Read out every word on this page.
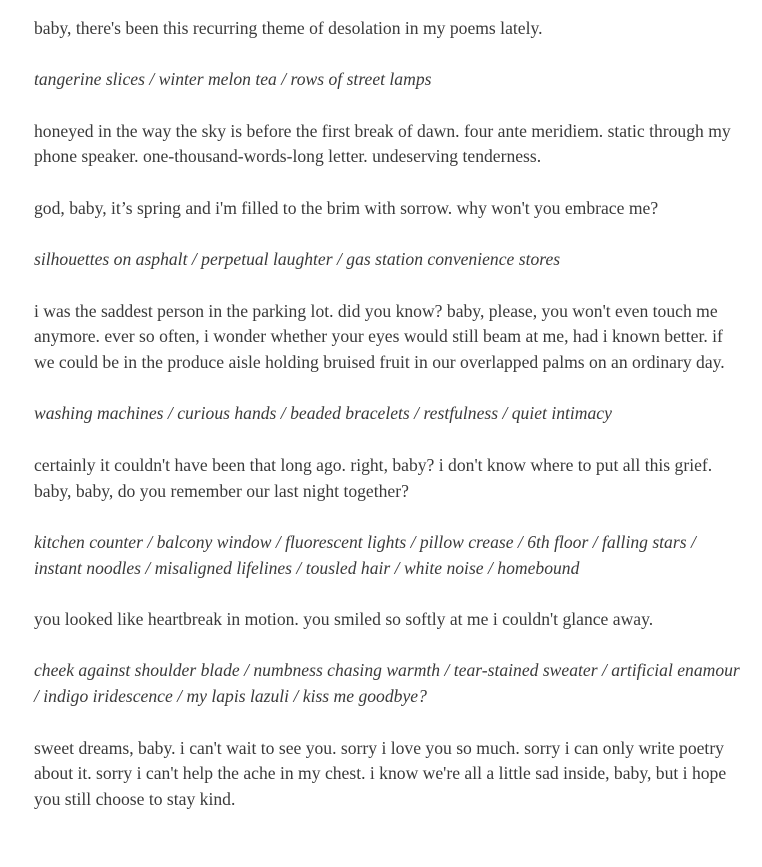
baby, there's been this recurring theme of desolation in my poems lately.

tangerine slices / winter melon tea / rows of street lamps

honeyed in the way the sky is before the first break of dawn. four ante meridiem. static through my phone speaker. one-thousand-words-long letter. undeserving tenderness.

god, baby, it’s spring and i'm filled to the brim with sorrow. why won't you embrace me?

silhouettes on asphalt / perpetual laughter / gas station convenience stores

i was the saddest person in the parking lot. did you know? baby, please, you won't even touch me anymore. ever so often, i wonder whether your eyes would still beam at me, had i known better. if we could be in the produce aisle holding bruised fruit in our overlapped palms on an ordinary day.

washing machines / curious hands / beaded bracelets / restfulness / quiet intimacy

certainly it couldn't have been that long ago. right, baby? i don't know where to put all this grief. baby, baby, do you remember our last night together?

kitchen counter / balcony window / fluorescent lights / pillow crease / 6th floor / falling stars / instant noodles / misaligned lifelines / tousled hair / white noise / homebound

you looked like heartbreak in motion. you smiled so softly at me i couldn't glance away.

cheek against shoulder blade / numbness chasing warmth / tear-stained sweater / artificial enamour / indigo iridescence / my lapis lazuli / kiss me goodbye?

sweet dreams, baby. i can't wait to see you. sorry i love you so much. sorry i can only write poetry about it. sorry i can't help the ache in my chest. i know we're all a little sad inside, baby, but i hope you still choose to stay kind.
